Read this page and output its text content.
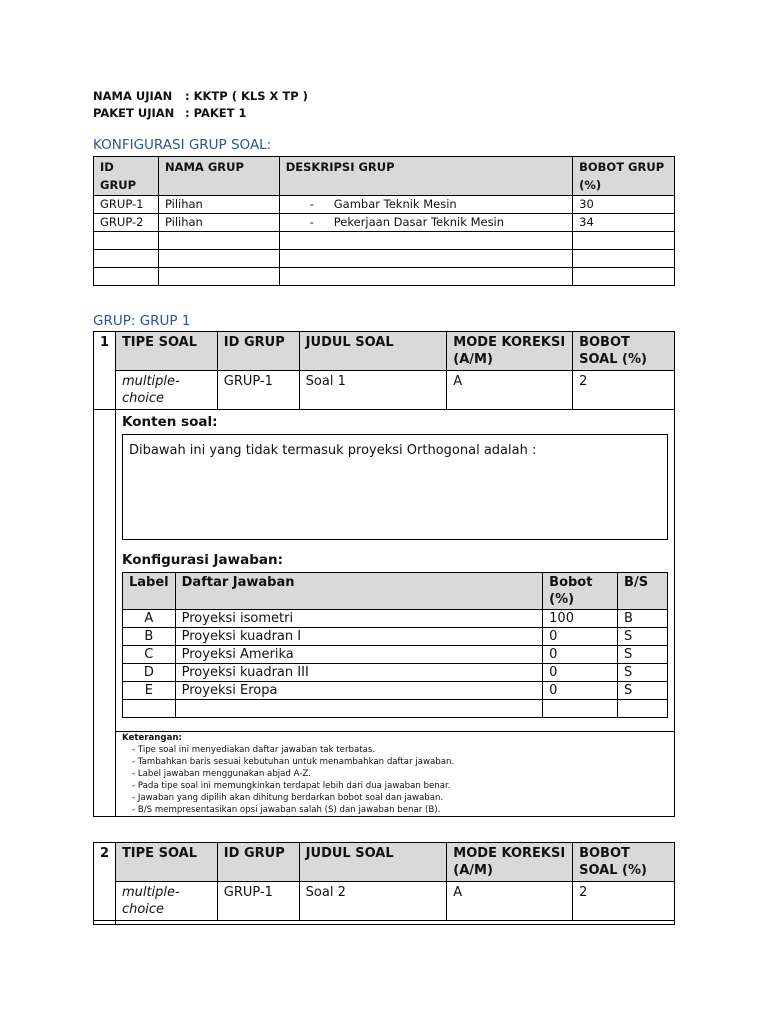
NAMA UJIAN : KKTP ( KLS X TP )
PAKET UJIAN : PAKET 1
KONFIGURASI GRUP SOAL:
ID GRUP	NAMA GRUP	DESKRIPSI GRUP	BOBOT GRUP (%)
GRUP-1	Pilihan	- Gambar Teknik Mesin	30
GRUP-2	Pilihan	- Pekerjaan Dasar Teknik Mesin	34

GRUP: GRUP 1
1	TIPE SOAL	ID GRUP	JUDUL SOAL	MODE KOREKSI (A/M)	BOBOT SOAL (%)
	multiple-choice	GRUP-1	Soal 1	A	2
Konten soal:
Dibawah ini yang tidak termasuk proyeksi Orthogonal adalah :
Konfigurasi Jawaban:
Label	Daftar Jawaban	Bobot (%)	B/S
A	Proyeksi isometri	100	B
B	Proyeksi kuadran I	0	S
C	Proyeksi Amerika	0	S
D	Proyeksi kuadran III	0	S
E	Proyeksi Eropa	0	S

Keterangan:
- Tipe soal ini menyediakan daftar jawaban tak terbatas.
- Tambahkan baris sesuai kebutuhan untuk menambahkan daftar jawaban.
- Label jawaban menggunakan abjad A-Z.
- Pada tipe soal ini memungkinkan terdapat lebih dari dua jawaban benar.
- Jawaban yang dipilih akan dihitung berdarkan bobot soal dan jawaban.
- B/S mempresentasikan opsi jawaban salah (S) dan jawaban benar (B).
2	TIPE SOAL	ID GRUP	JUDUL SOAL	MODE KOREKSI (A/M)	BOBOT SOAL (%)
	multiple-choice	GRUP-1	Soal 2	A	2
